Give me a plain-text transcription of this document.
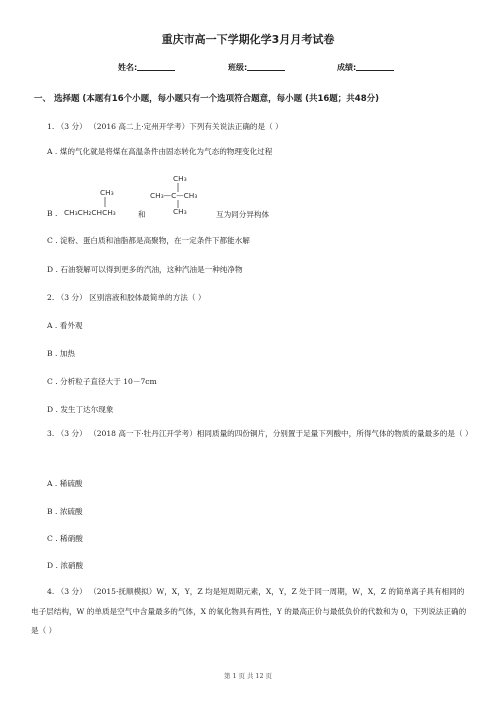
重庆市高一下学期化学3月月考试卷
姓名:	班级:	成绩:
一、 选择题 (本题有16个小题，每小题只有一个选项符合题意，每小题 (共16题；共48分)
1. （3 分） （2016 高二上·定州开学考）下列有关说法正确的是（ ）
A . 煤的气化就是将煤在高温条件由固态转化为气态的物理变化过程
B .
CH₃
CH₃CH₂CHCH₃	和
CH₃
CH₃—C—CH₃
CH₃	互为同分异构体
C . 淀粉、蛋白质和油脂都是高聚物，在一定条件下都能水解
D . 石油裂解可以得到更多的汽油，这种汽油是一种纯净物
2. （3 分） 区别溶液和胶体最简单的方法（ ）
A . 看外观
B . 加热
C . 分析粒子直径大于 10－7cm
D . 发生丁达尔现象
3. （3 分） （2018 高一下·牡丹江开学考）相同质量的四份铜片，分别置于足量下列酸中，所得气体的物质的量最多的是（ ）
A . 稀硫酸
B . 浓硫酸
C . 稀硝酸
D . 浓硝酸
4. （3 分） （2015·抚顺模拟）W，X，Y，Z 均是短周期元素，X，Y，Z 处于同一周期，W，X，Z 的简单离子具有相同的电子层结构，W 的单质是空气中含量最多的气体，X 的氧化物具有两性，Y 的最高正价与最低负价的代数和为 0，下列说法正确的是（ ）
第 1 页 共 12 页
